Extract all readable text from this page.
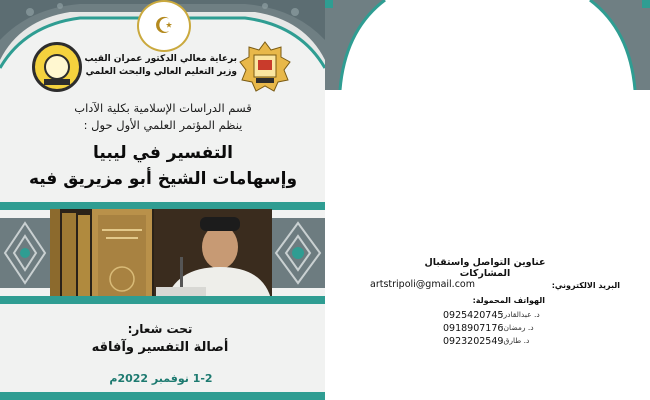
☪
برعاية معالي الدكتور عمران القيب
وزير التعليم العالي والبحث العلمي
قسم الدراسات الإسلامية بكلية الآداب
ينظم المؤتمر العلمي الأول حول :
التفسير في ليبيا
وإسهامات الشيخ أبو مزيريق فيه
تحت شعار:
أصالة التفسير وآفاقه
1-2 نوفمبر 2022م
عناوين التواصل واستقبال المشاركات
البريد الالكتروني:
artstripoli@gmail.com
الهواتف المحمولة:
0925420745
د. عبدالقادر:
0918907176
د. رمضان:
0923202549
د. طارق:
